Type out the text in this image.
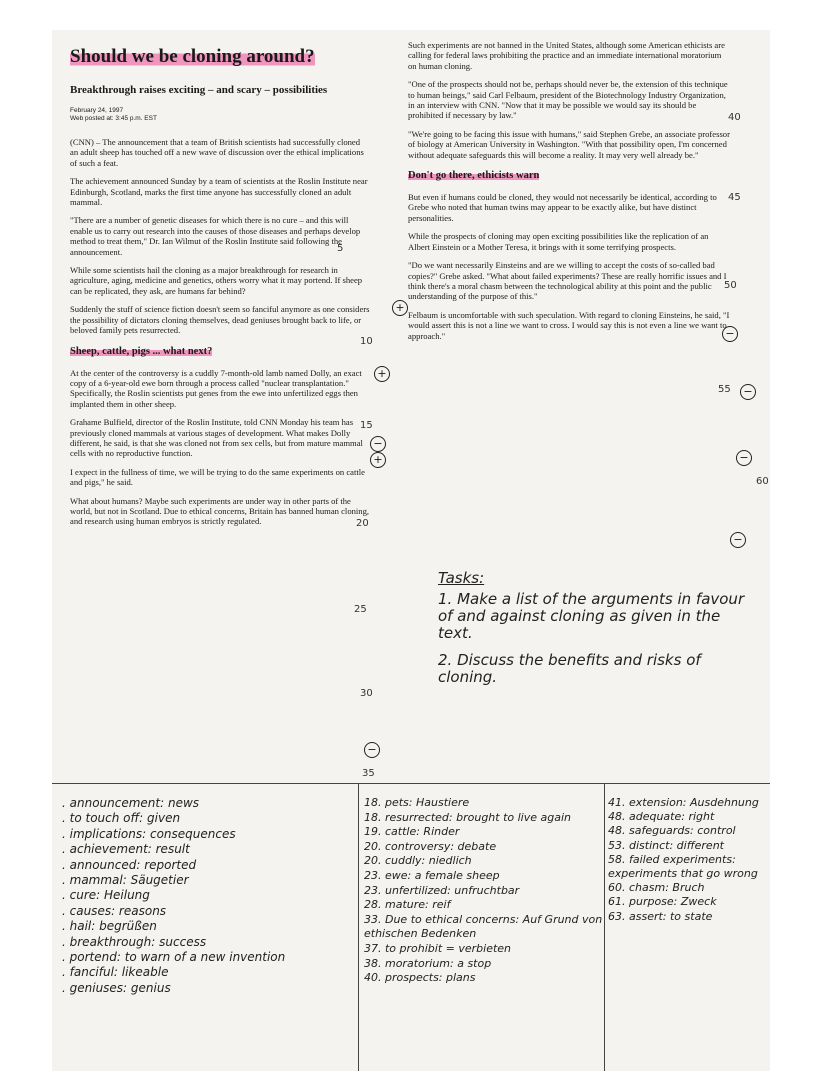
Should we be cloning around?
Breakthrough raises exciting – and scary – possibilities
February 24, 1997
Web posted at: 3:45 p.m. EST
(CNN) – The announcement that a team of British scientists had successfully cloned an adult sheep has touched off a new wave of discussion over the ethical implications of such a feat.
The achievement announced Sunday by a team of scientists at the Roslin Institute near Edinburgh, Scotland, marks the first time anyone has successfully cloned an adult mammal.
"There are a number of genetic diseases for which there is no cure – and this will enable us to carry out research into the causes of those diseases and perhaps develop method to treat them," Dr. Ian Wilmut of the Roslin Institute said following the announcement.
While some scientists hail the cloning as a major breakthrough for research in agriculture, aging, medicine and genetics, others worry what it may portend. If sheep can be replicated, they ask, are humans far behind?
Suddenly the stuff of science fiction doesn't seem so fanciful anymore as one considers the possibility of dictators cloning themselves, dead geniuses brought back to life, or beloved family pets resurrected.
Sheep, cattle, pigs ... what next?
At the center of the controversy is a cuddly 7-month-old lamb named Dolly, an exact copy of a 6-year-old ewe born through a process called "nuclear transplantation." Specifically, the Roslin scientists put genes from the ewe into unfertilized eggs then implanted them in other sheep.
Grahame Bulfield, director of the Roslin Institute, told CNN Monday his team has previously cloned mammals at various stages of development. What makes Dolly different, he said, is that she was cloned not from sex cells, but from mature mammal cells with no reproductive function.
I expect in the fullness of time, we will be trying to do the same experiments on cattle and pigs," he said.
What about humans? Maybe such experiments are under way in other parts of the world, but not in Scotland. Due to ethical concerns, Britain has banned human cloning, and research using human embryos is strictly regulated.
Such experiments are not banned in the United States, although some American ethicists are calling for federal laws prohibiting the practice and an immediate international moratorium on human cloning.
"One of the prospects should not be, perhaps should never be, the extension of this technique to human beings," said Carl Felbaum, president of the Biotechnology Industry Organization, in an interview with CNN. "Now that it may be possible we would say its should be prohibited if necessary by law."
"We're going to be facing this issue with humans," said Stephen Grebe, an associate professor of biology at American University in Washington. "With that possibility open, I'm concerned without adequate safeguards this will become a reality. It may very well already be."
Don't go there, ethicists warn
But even if humans could be cloned, they would not necessarily be identical, according to Grebe who noted that human twins may appear to be exactly alike, but have distinct personalities.
While the prospects of cloning may open exciting possibilities like the replication of an Albert Einstein or a Mother Teresa, it brings with it some terrifying prospects.
"Do we want necessarily Einsteins and are we willing to accept the costs of so-called bad copies?" Grebe asked. "What about failed experiments? These are really horrific issues and I think there's a moral chasm between the technological ability at this point and the public understanding of the purpose of this."
Felbaum is uncomfortable with such speculation. With regard to cloning Einsteins, he said, "I would assert this is not a line we want to cross. I would say this is not even a line we want to approach."
5
10
15
20
25
30
35
40
45
50
55
60
+
−
+
+
−
−
−
−
−
Tasks:
1. Make a list of the arguments in favour of and against cloning as given in the text.
2. Discuss the benefits and risks of cloning.
. announcement: news
. to touch off: given
. implications: consequences
. achievement: result
. announced: reported
. mammal: Säugetier
. cure: Heilung
. causes: reasons
. hail: begrüßen
. breakthrough: success
. portend: to warn of a new invention
. fanciful: likeable
. geniuses: genius
18. pets: Haustiere
18. resurrected: brought to live again
19. cattle: Rinder
20. controversy: debate
20. cuddly: niedlich
23. ewe: a female sheep
23. unfertilized: unfruchtbar
28. mature: reif
33. Due to ethical concerns: Auf Grund von ethischen Bedenken
37. to prohibit = verbieten
38. moratorium: a stop
40. prospects: plans
41. extension: Ausdehnung
48. adequate: right
48. safeguards: control
53. distinct: different
58. failed experiments: experiments that go wrong
60. chasm: Bruch
61. purpose: Zweck
63. assert: to state
